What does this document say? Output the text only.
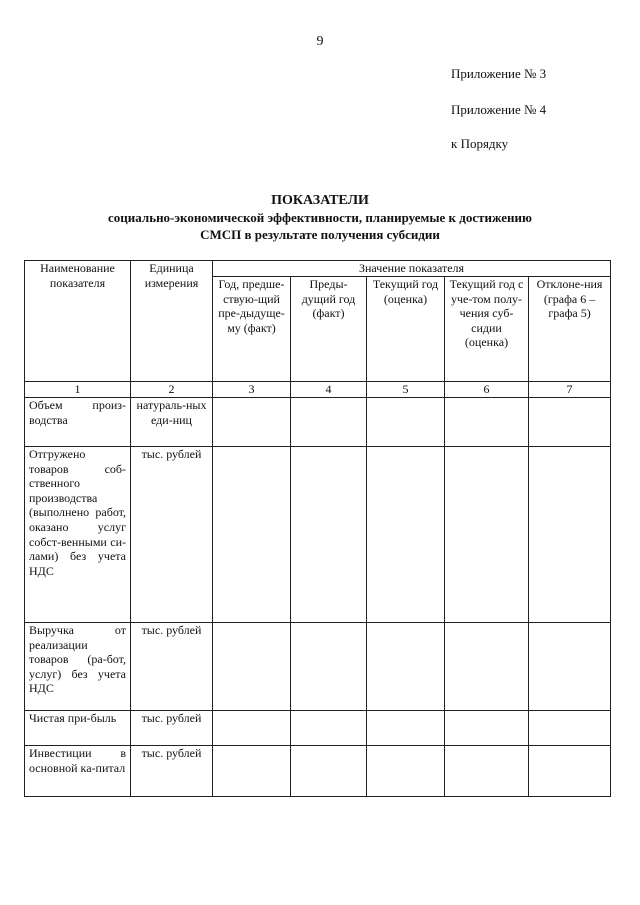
9
Приложение № 3
Приложение № 4
к Порядку
ПОКАЗАТЕЛИ
социально-экономической эффективности, планируемые к достижению
СМСП в результате получения субсидии
Наименование показателя	Единица измерения	Значение показателя				
		Год, предше-ствую-щий пре-дыдуще-му (факт)	Преды-дущий год (факт)	Текущий год (оценка)	Текущий год с уче-том полу-чения суб-сидии (оценка)	Отклоне-ния (графа 6 – графа 5)
1	2	3	4	5	6	7
Объем произ-водства	натураль-ных еди-ниц					
Отгружено товаров соб-ственного производства (выполнено работ, оказано услуг собст-венными си-лами) без учета НДС	тыс. рублей					
Выручка от реализации товаров (ра-бот, услуг) без учета НДС	тыс. рублей					
Чистая при-быль	тыс. рублей					
Инвестиции в основной ка-питал	тыс. рублей					
